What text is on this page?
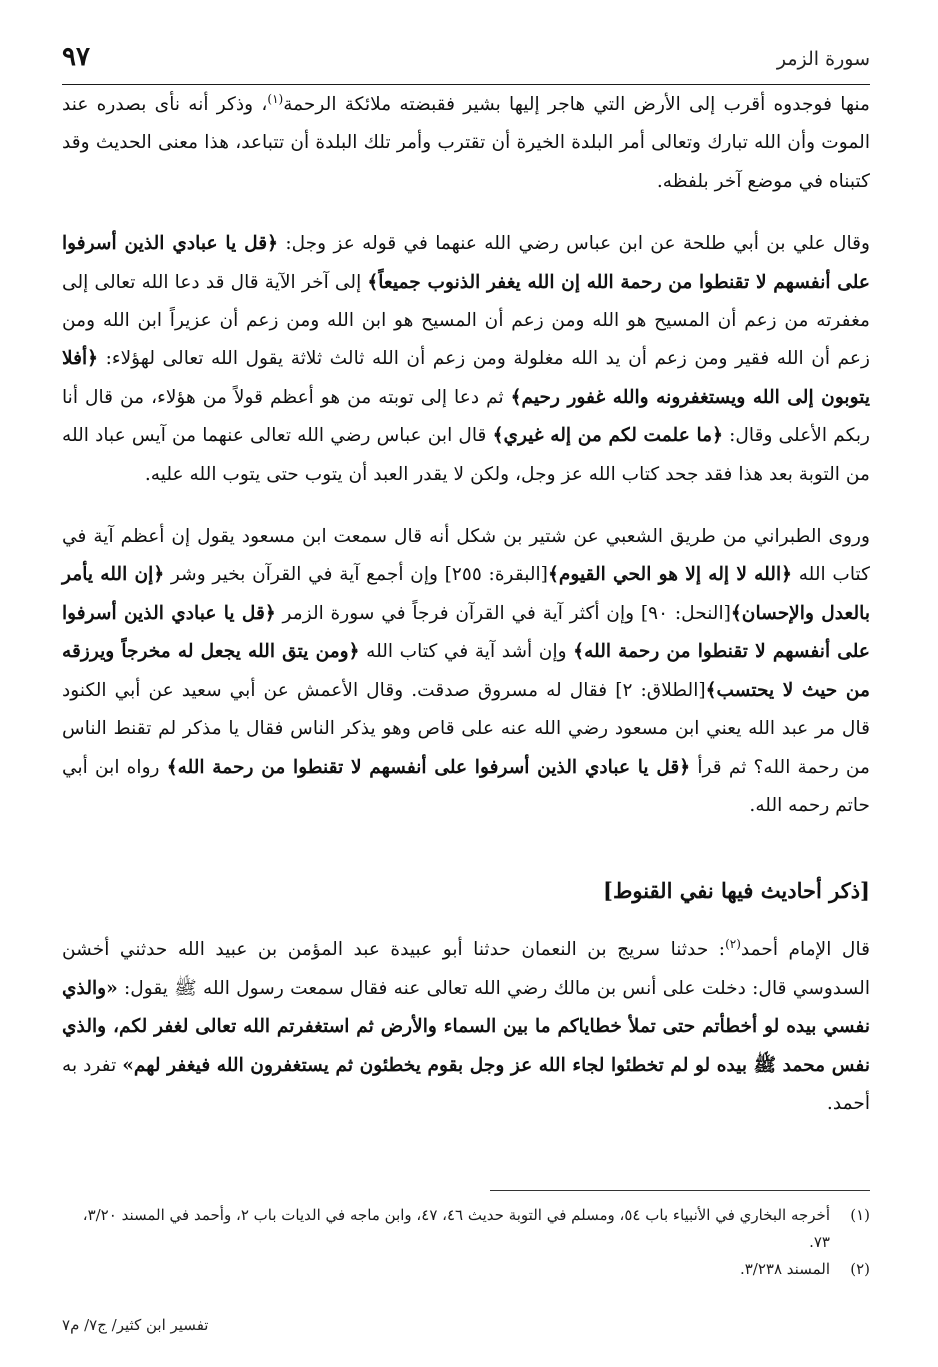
سورة الزمر
٩٧

منها فوجدوه أقرب إلى الأرض التي هاجر إليها بشير فقبضته ملائكة الرحمة$^{(١)}$، وذكر أنه نأى بصدره عند الموت وأن الله تبارك وتعالى أمر البلدة الخيرة أن تقترب وأمر تلك البلدة أن تتباعد، هذا معنى الحديث وقد كتبناه في موضع آخر بلفظه.

وقال علي بن أبي طلحة عن ابن عباس رضي الله عنهما في قوله عز وجل: ﴿قل يا عبادي الذين أسرفوا على أنفسهم لا تقنطوا من رحمة الله إن الله يغفر الذنوب جميعاً﴾ إلى آخر الآية قال قد دعا الله تعالى إلى مغفرته من زعم أن المسيح هو الله ومن زعم أن المسيح هو ابن الله ومن زعم أن عزيراً ابن الله ومن زعم أن الله فقير ومن زعم أن يد الله مغلولة ومن زعم أن الله ثالث ثلاثة يقول الله تعالى لهؤلاء: ﴿أفلا يتوبون إلى الله ويستغفرونه والله غفور رحيم﴾ ثم دعا إلى توبته من هو أعظم قولاً من هؤلاء، من قال أنا ربكم الأعلى وقال: ﴿ما علمت لكم من إله غيري﴾ قال ابن عباس رضي الله تعالى عنهما من آيس عباد الله من التوبة بعد هذا فقد جحد كتاب الله عز وجل، ولكن لا يقدر العبد أن يتوب حتى يتوب الله عليه.

وروى الطبراني من طريق الشعبي عن شتير بن شكل أنه قال سمعت ابن مسعود يقول إن أعظم آية في كتاب الله ﴿الله لا إله إلا هو الحي القيوم﴾[البقرة: ٢٥٥] وإن أجمع آية في القرآن بخير وشر ﴿إن الله يأمر بالعدل والإحسان﴾[النحل: ٩٠] وإن أكثر آية في القرآن فرجاً في سورة الزمر ﴿قل يا عبادي الذين أسرفوا على أنفسهم لا تقنطوا من رحمة الله﴾ وإن أشد آية في كتاب الله ﴿ومن يتق الله يجعل له مخرجاً ويرزقه من حيث لا يحتسب﴾[الطلاق: ٢] فقال له مسروق صدقت. وقال الأعمش عن أبي سعيد عن أبي الكنود قال مر عبد الله يعني ابن مسعود رضي الله عنه على قاص وهو يذكر الناس فقال يا مذكر لم تقنط الناس من رحمة الله؟ ثم قرأ ﴿قل يا عبادي الذين أسرفوا على أنفسهم لا تقنطوا من رحمة الله﴾ رواه ابن أبي حاتم رحمه الله.

[ذكر أحاديث فيها نفي القنوط]

قال الإمام أحمد$^{(٢)}$: حدثنا سريج بن النعمان حدثنا أبو عبيدة عبد المؤمن بن عبيد الله حدثني أخشن السدوسي قال: دخلت على أنس بن مالك رضي الله تعالى عنه فقال سمعت رسول الله ﷺ يقول: «والذي نفسي بيده لو أخطأتم حتى تملأ خطاياكم ما بين السماء والأرض ثم استغفرتم الله تعالى لغفر لكم، والذي نفس محمد ﷺ بيده لو لم تخطئوا لجاء الله عز وجل بقوم يخطئون ثم يستغفرون الله فيغفر لهم» تفرد به أحمد.

(١)
أخرجه البخاري في الأنبياء باب ٥٤، ومسلم في التوبة حديث ٤٦، ٤٧، وابن ماجه في الديات باب ٢، وأحمد في المسند ٣/٢٠، ٧٣.
(٢)
المسند ٣/٢٣٨.
تفسير ابن كثير/ ج٧/ م٧
